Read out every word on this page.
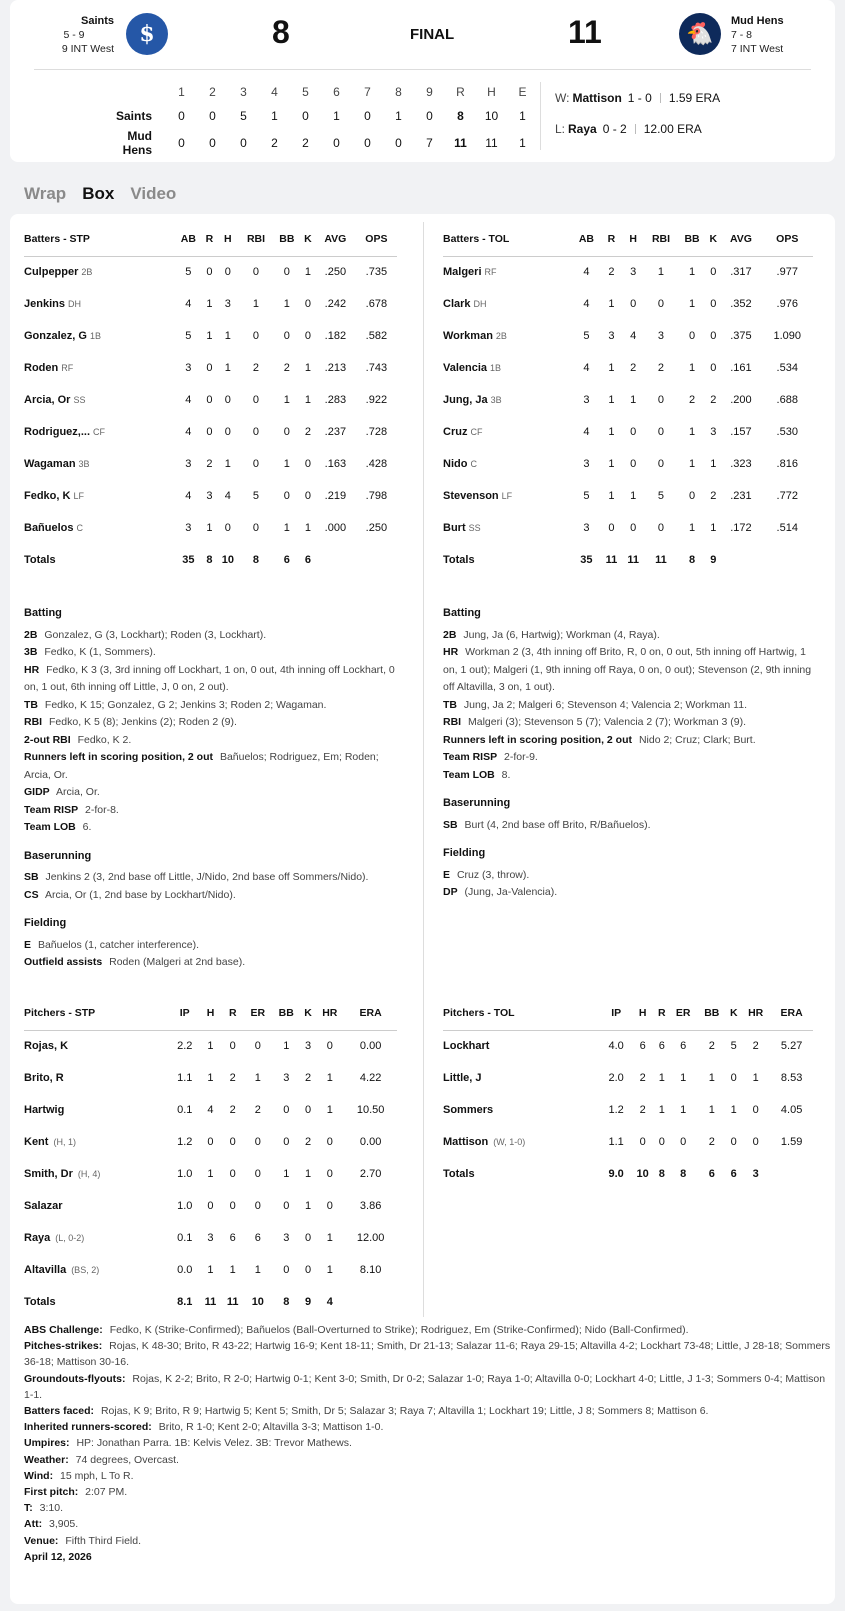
Saints
5 - 9
9 INT West
$	8	FINAL	11	🐔 Mud Hens
7 - 8
7 INT West
1	2	3	4	5	6	7	8	9	R	H	E
Saints	0	0	5	1	0	1	0	1	0	8	10	1
Mud Hens	0	0	0	2	2	0	0	0	7	11	11	1
W: Mattison 1 - 0 1.59 ERA
L: Raya 0 - 2 12.00 ERA
Wrap Box Video
Batters - STP	AB	R	H	RBI	BB	K	AVG	OPS
Culpepper 2B	5	0	0	0	0	1	.250	.735
Jenkins DH	4	1	3	1	1	0	.242	.678
Gonzalez, G 1B	5	1	1	0	0	0	.182	.582
Roden RF	3	0	1	2	2	1	.213	.743
Arcia, Or SS	4	0	0	0	1	1	.283	.922
Rodriguez,... CF	4	0	0	0	0	2	.237	.728
Wagaman 3B	3	2	1	0	1	0	.163	.428
Fedko, K LF	4	3	4	5	0	0	.219	.798
Bañuelos C	3	1	0	0	1	1	.000	.250
Totals	35	8	10	8	6	6		
Batters - TOL	AB	R	H	RBI	BB	K	AVG	OPS
Malgeri RF	4	2	3	1	1	0	.317	.977
Clark DH	4	1	0	0	1	0	.352	.976
Workman 2B	5	3	4	3	0	0	.375	1.090
Valencia 1B	4	1	2	2	1	0	.161	.534
Jung, Ja 3B	3	1	1	0	2	2	.200	.688
Cruz CF	4	1	0	0	1	3	.157	.530
Nido C	3	1	0	0	1	1	.323	.816
Stevenson LF	5	1	1	5	0	2	.231	.772
Burt SS	3	0	0	0	1	1	.172	.514
Totals	35	11	11	11	8	9		
Batting
2B Gonzalez, G (3, Lockhart); Roden (3, Lockhart).
3B Fedko, K (1, Sommers).
HR Fedko, K 3 (3, 3rd inning off Lockhart, 1 on, 0 out, 4th inning off Lockhart, 0 on, 1 out, 6th inning off Little, J, 0 on, 2 out).
TB Fedko, K 15; Gonzalez, G 2; Jenkins 3; Roden 2; Wagaman.
RBI Fedko, K 5 (8); Jenkins (2); Roden 2 (9).
2-out RBI Fedko, K 2.
Runners left in scoring position, 2 out Bañuelos; Rodriguez, Em; Roden; Arcia, Or.
GIDP Arcia, Or.
Team RISP 2-for-8.
Team LOB 6.
Baserunning
SB Jenkins 2 (3, 2nd base off Little, J/Nido, 2nd base off Sommers/Nido).
CS Arcia, Or (1, 2nd base by Lockhart/Nido).
Fielding
E Bañuelos (1, catcher interference).
Outfield assists Roden (Malgeri at 2nd base).
Batting
2B Jung, Ja (6, Hartwig); Workman (4, Raya).
HR Workman 2 (3, 4th inning off Brito, R, 0 on, 0 out, 5th inning off Hartwig, 1 on, 1 out); Malgeri (1, 9th inning off Raya, 0 on, 0 out); Stevenson (2, 9th inning off Altavilla, 3 on, 1 out).
TB Jung, Ja 2; Malgeri 6; Stevenson 4; Valencia 2; Workman 11.
RBI Malgeri (3); Stevenson 5 (7); Valencia 2 (7); Workman 3 (9).
Runners left in scoring position, 2 out Nido 2; Cruz; Clark; Burt.
Team RISP 2-for-9.
Team LOB 8.
Baserunning
SB Burt (4, 2nd base off Brito, R/Bañuelos).
Fielding
E Cruz (3, throw).
DP (Jung, Ja-Valencia).
Pitchers - STP	IP	H	R	ER	BB	K	HR	ERA
Rojas, K	2.2	1	0	0	1	3	0	0.00
Brito, R	1.1	1	2	1	3	2	1	4.22
Hartwig	0.1	4	2	2	0	0	1	10.50
Kent (H, 1)	1.2	0	0	0	0	2	0	0.00
Smith, Dr (H, 4)	1.0	1	0	0	1	1	0	2.70
Salazar	1.0	0	0	0	0	1	0	3.86
Raya (L, 0-2)	0.1	3	6	6	3	0	1	12.00
Altavilla (BS, 2)	0.0	1	1	1	0	0	1	8.10
Totals	8.1	11	11	10	8	9	4	
Pitchers - TOL	IP	H	R	ER	BB	K	HR	ERA
Lockhart	4.0	6	6	6	2	5	2	5.27
Little, J	2.0	2	1	1	1	0	1	8.53
Sommers	1.2	2	1	1	1	1	0	4.05
Mattison (W, 1-0)	1.1	0	0	0	2	0	0	1.59
Totals	9.0	10	8	8	6	6	3	
ABS Challenge: Fedko, K (Strike-Confirmed); Bañuelos (Ball-Overturned to Strike); Rodriguez, Em (Strike-Confirmed); Nido (Ball-Confirmed).
Pitches-strikes: Rojas, K 48-30; Brito, R 43-22; Hartwig 16-9; Kent 18-11; Smith, Dr 21-13; Salazar 11-6; Raya 29-15; Altavilla 4-2; Lockhart 73-48; Little, J 28-18; Sommers 36-18; Mattison 30-16.
Groundouts-flyouts: Rojas, K 2-2; Brito, R 2-0; Hartwig 0-1; Kent 3-0; Smith, Dr 0-2; Salazar 1-0; Raya 1-0; Altavilla 0-0; Lockhart 4-0; Little, J 1-3; Sommers 0-4; Mattison 1-1.
Batters faced: Rojas, K 9; Brito, R 9; Hartwig 5; Kent 5; Smith, Dr 5; Salazar 3; Raya 7; Altavilla 1; Lockhart 19; Little, J 8; Sommers 8; Mattison 6.
Inherited runners-scored: Brito, R 1-0; Kent 2-0; Altavilla 3-3; Mattison 1-0.
Umpires: HP: Jonathan Parra. 1B: Kelvis Velez. 3B: Trevor Mathews.
Weather: 74 degrees, Overcast.
Wind: 15 mph, L To R.
First pitch: 2:07 PM.
T: 3:10.
Att: 3,905.
Venue: Fifth Third Field.
April 12, 2026
